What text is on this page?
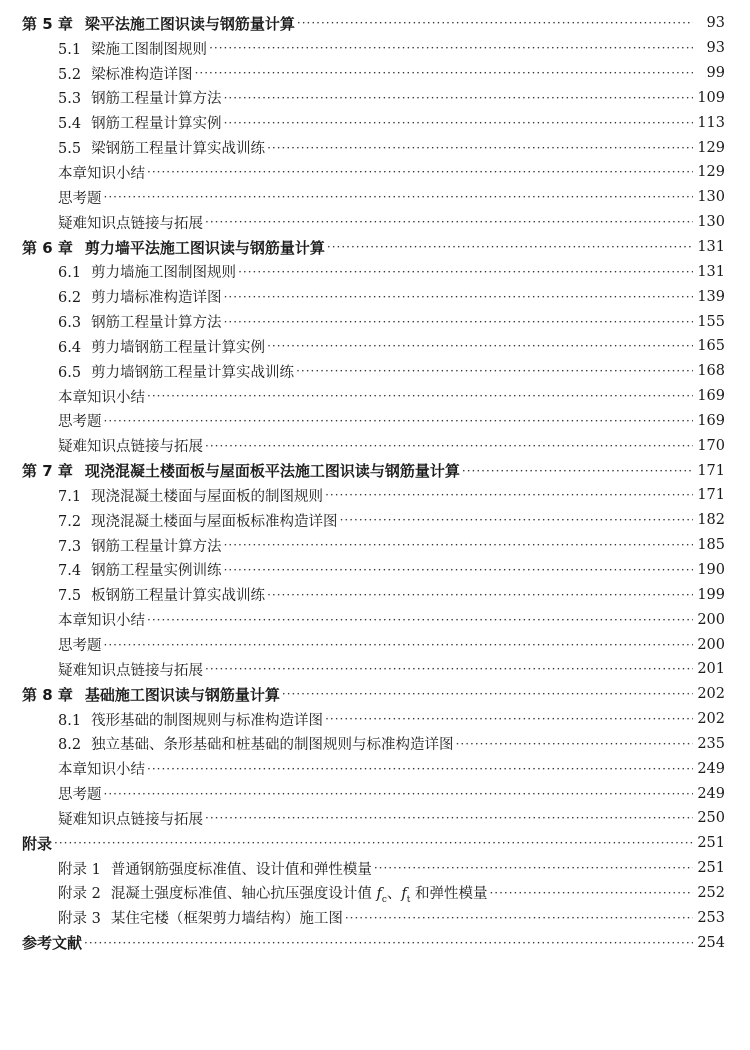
第 5 章 梁平法施工图识读与钢筋量计算 ·····	93
5.1 梁施工图制图规则 ·····	93
5.2 梁标准构造详图 ·····	99
5.3 钢筋工程量计算方法 ·····	109
5.4 钢筋工程量计算实例 ·····	113
5.5 梁钢筋工程量计算实战训练 ·····	129
本章知识小结 ·····	129
思考题 ·····	130
疑难知识点链接与拓展 ·····	130
第 6 章 剪力墙平法施工图识读与钢筋量计算 ·····	131
6.1 剪力墙施工图制图规则 ·····	131
6.2 剪力墙标准构造详图 ·····	139
6.3 钢筋工程量计算方法 ·····	155
6.4 剪力墙钢筋工程量计算实例 ·····	165
6.5 剪力墙钢筋工程量计算实战训练 ·····	168
本章知识小结 ·····	169
思考题 ·····	169
疑难知识点链接与拓展 ·····	170
第 7 章 现浇混凝土楼面板与屋面板平法施工图识读与钢筋量计算 ·····	171
7.1 现浇混凝土楼面与屋面板的制图规则 ·····	171
7.2 现浇混凝土楼面与屋面板标准构造详图 ·····	182
7.3 钢筋工程量计算方法 ·····	185
7.4 钢筋工程量实例训练 ·····	190
7.5 板钢筋工程量计算实战训练 ·····	199
本章知识小结 ·····	200
思考题 ·····	200
疑难知识点链接与拓展 ·····	201
第 8 章 基础施工图识读与钢筋量计算 ·····	202
8.1 筏形基础的制图规则与标准构造详图 ·····	202
8.2 独立基础、条形基础和桩基础的制图规则与标准构造详图 ·····	235
本章知识小结 ·····	249
思考题 ·····	249
疑难知识点链接与拓展 ·····	250
附录 ·····	251
附录 1 普通钢筋强度标准值、设计值和弹性模量 ·····	251
附录 2 混凝土强度标准值、轴心抗压强度设计值 $f_c$、$f_t$ 和弹性模量 ·····	252
附录 3 某住宅楼（框架剪力墙结构）施工图 ·····	253
参考文献 ·····	254
